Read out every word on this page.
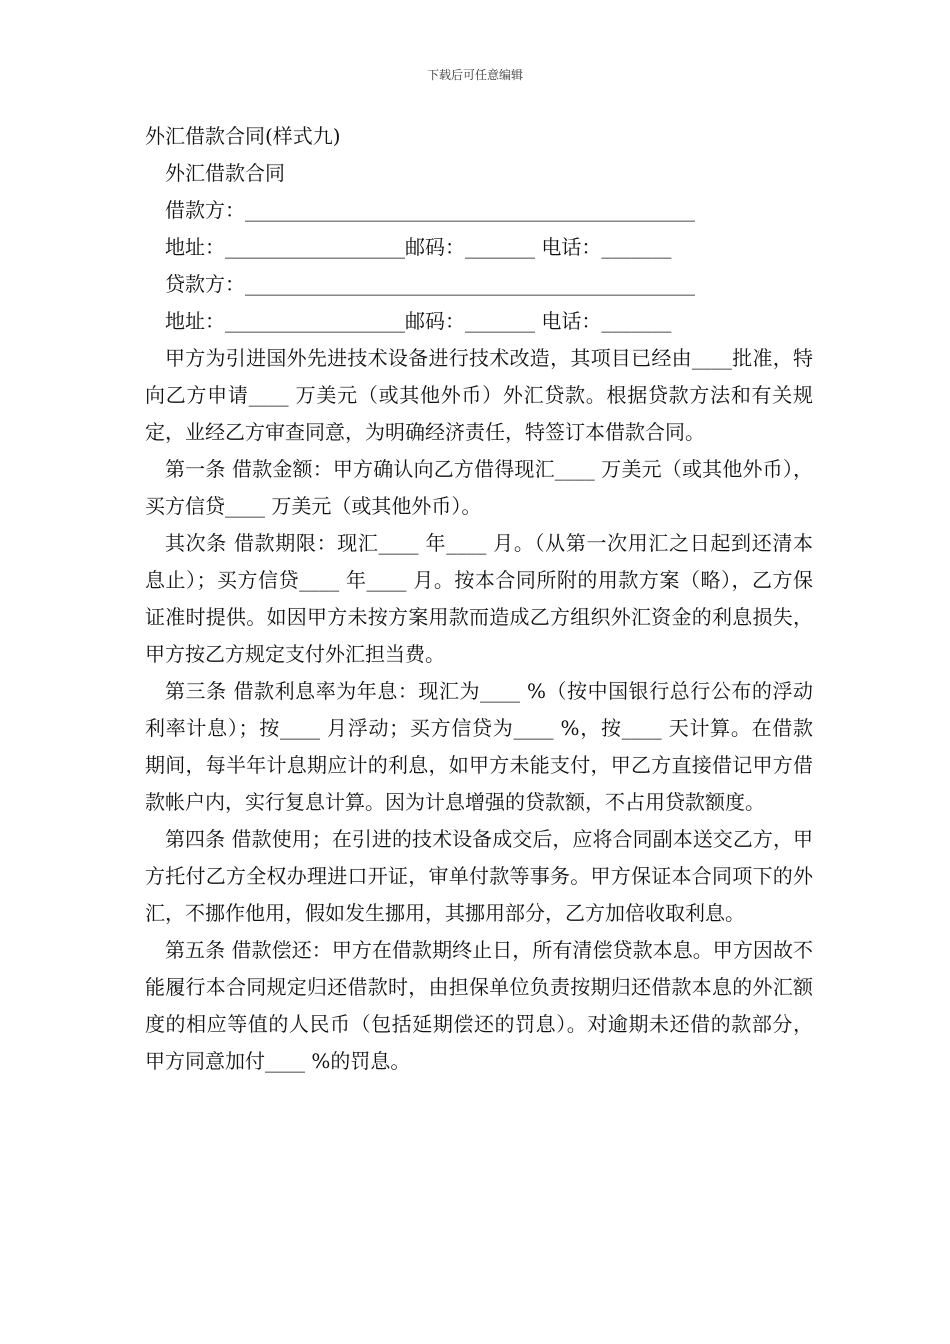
下载后可任意编辑

外汇借款合同(样式九)

外汇借款合同

借款方：_____________________________________________

地址：__________________邮码：_______ 电话：_______

贷款方：_____________________________________________

地址：__________________邮码：_______ 电话：_______

甲方为引进国外先进技术设备进行技术改造，其项目已经由____批准，特向乙方申请____ 万美元（或其他外币）外汇贷款。根据贷款方法和有关规定，业经乙方审查同意，为明确经济责任，特签订本借款合同。

第一条 借款金额：甲方确认向乙方借得现汇____ 万美元（或其他外币），买方信贷____ 万美元（或其他外币）。

其次条 借款期限：现汇____ 年____ 月。（从第一次用汇之日起到还清本息止）；买方信贷____ 年____ 月。按本合同所附的用款方案（略），乙方保证准时提供。如因甲方未按方案用款而造成乙方组织外汇资金的利息损失，甲方按乙方规定支付外汇担当费。

第三条 借款利息率为年息：现汇为____ %（按中国银行总行公布的浮动利率计息）；按____ 月浮动；买方信贷为____ %，按____ 天计算。在借款期间，每半年计息期应计的利息，如甲方未能支付，甲乙方直接借记甲方借款帐户内，实行复息计算。因为计息增强的贷款额，不占用贷款额度。

第四条 借款使用；在引进的技术设备成交后，应将合同副本送交乙方，甲方托付乙方全权办理进口开证，审单付款等事务。甲方保证本合同项下的外汇，不挪作他用，假如发生挪用，其挪用部分，乙方加倍收取利息。

第五条 借款偿还：甲方在借款期终止日，所有清偿贷款本息。甲方因故不能履行本合同规定归还借款时，由担保单位负责按期归还借款本息的外汇额度的相应等值的人民币（包括延期偿还的罚息）。对逾期未还借的款部分，甲方同意加付____ %的罚息。
